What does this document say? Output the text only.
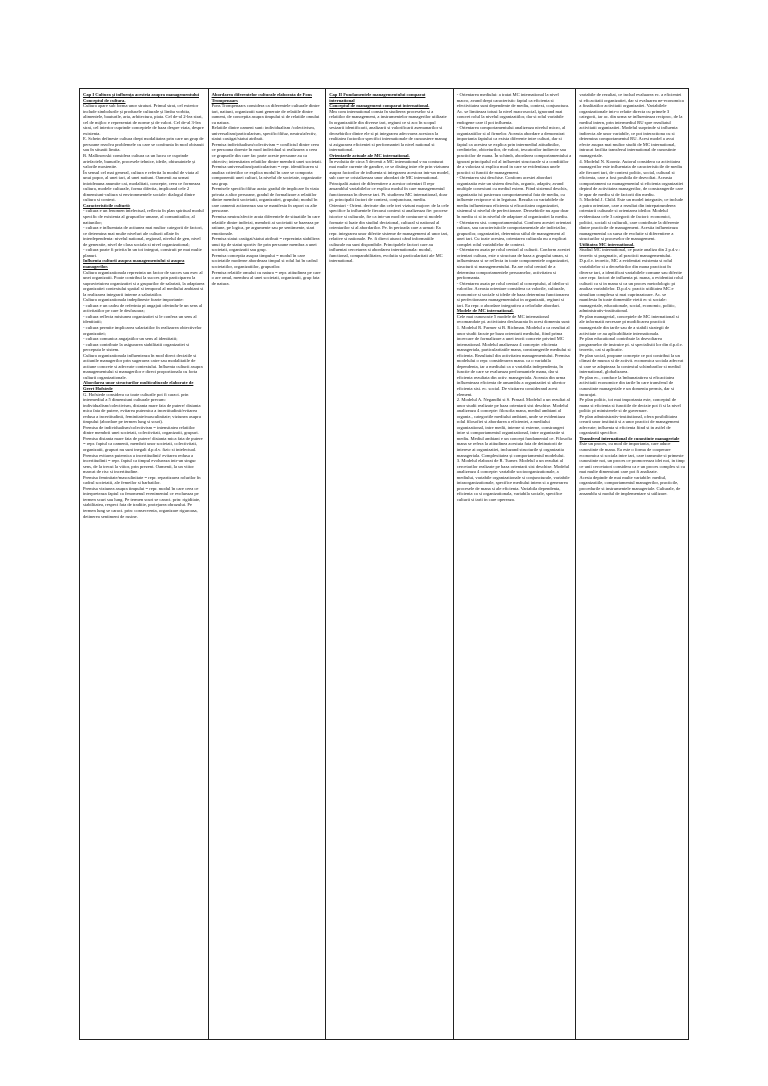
Cap I Cultura și influența acesteia asupra managementului

Conceptul de cultura.

Cultura apare sub forma unor straturi. Primul strat, cel exterior include simbolurile și produsele culturale și limba vorbita, alimentele, bauturile, arta, arhitectura, piata. Cel de-al 2-lea strat, cel de mijloc e reprezentat de norme și de valori. Cel de-al 3-lea strat, cel interior cuprinde conceptele de baza despre viata, despre existenta.

E. Schein defineste cultura drept modalitatea prin care un grup de persoane rezolva problemele cu care se confrunta în mod obisnuit sau în situatii limita.

B. Mallinowski considera cultura ca un lucru ce cuprinde artefactele, bunurile, procesele tehnice, ideile, obisnuintele și valorile mostenite.

În sensul cel mai general, cultura e referita la modul de viata al unui popor, al unei tari, al unei natiuni. Oamenii au urmat intotdeauna anumite cai, modalitati, concepte, ceea ce formeaza cultura, modele culturale, forma diferita, implicand cele 2 dimensiuni-cultura si environmentele sociale: dialogul dintre cultura si context.

Caracteristicile culturii:

- cultura e un fenomen intelectual, reflecta în plan spiritual modul specific de existenta al grupurilor umane, al comunitatilor, al natiunilor;

- cultura e influentata de actiunea mai multor categorii de factori, ce determina mai multe niveluri ale culturii aflate în interdependenta: nivelul national, regional, nivelul de gen, nivel de generatie, nivel de clasa sociala si nivel organizational;

- cultura poate fi privita în un tot integrat, construit pe mai multe planuri.

Influenta culturii asupra managementului si asupra managerilor.

Cultura organizationala reprezinta un factor de succes sau esec al unei organizatii. Poate contribui la succes prin participarea la supravietuirea organizatiei si a grupurilor de salariati, la adaptarea organizatiei contextului spatial si temporal al mediului ambiant si la realizarea integrarii interne a salariatilor.

Cultura organizationala indeplineste foarte importante:

- cultura e un cadru de referinta pt angajati oferindu-le un sens al activitatilor pe care le desfasoara;

- cultura reflecta misiunea organizatiei si le confera un sens al identitatii;

- cultura permite implicarea salariatilor în realizarea obiectivelor organizatiei;

- cultura comunica angajatilor un sens al identitatii;

- cultura contribuie la asigurarea stabilitatii organizatiei si perceputa le sistem.

Cultura organizationala influenteaza în mod direct deciziile si actiunile managerilor prin sugerarea catre sau modalitatile de actiune concrete si adecvate contextului. Influenta culturii asupra managementului si managerilor e direct proportionala cu forta culturii organizationale.

Abordarea unor structurilor multiculturale elaborate de Geert Hofstede

G. Hofstede considera ca toate culturile pot fi caract. prin intermediul a 5 dimensiuni culturale precum: individualism/colectivism, distanta mare fata de putere/ distanta mica fata de putere, evitarea puternica a incertitudinii/evitarea redusa a incertitudinii, feminitate/masculinitate; viziunea asupra timpului (abordare pe termen lung si scurt).

Premisa de individualism/colectivism = intensitatea relatiilor dintre membrii unei societati, colectivitati, organizatii, grupuri. Premisa distanta mare fata de putere/ distanta mica fata de putere = repr. faptul ca oamenii, membrii unor societati, colectivitati, organizatii, grupuri nu sunt inegali d.p.d.v. fizic si intelectual.

Premisa evitarea puternica a incertitudinii/ evitarea redusa a incertitudinii = repr. faptul ca timpul evolueaza intr-un singur sens, de la trecut la viitor, prin prezent. Oamenii, la un viitor marcat de risc si incertitudine.

Premisa feminitate/masculinitate = repr. repartizarea rolurilor în cadrul societatii, ale femeilor si barbatilor.

Premisa viziunea asupra timpului = repr. modul în care ceea ce interpreteaza faptul ca fenomenul evenimentul ce evolueaza pe termen scurt sau lung. Pe termen scurt se caract. prin: rigiditate, stabilitatea, respect fata de traditie, protejarea obrazului. Pe termen lung se caract. prin: consecventa, organizare riguroasa, detinerea sentiment de rusine.

Abordarea diferentelor culturale elaborata de Fons Trompenaars

Fons Trompenaars considera ca diferentele culturale dintre tari, natiuni, organizatii sunt generate de relatiile dintre oameni, de conceptia asupra timpului si de relatiile omului cu natura.

Relatiile dintre oameni sunt: individualism /colectivism, universalism/particularism, specific/difuz, neutru/afectiv, statut castigat/statut atribuit.

Premisa individualism/colectivism = conflictul dintre ceea ce persoana doreste în mod individual si realizarea a ceea ce grupurile din care fac parte aceste persoane au ca obiectiv; intensitatea relatiilor dintre membrii unei societati.

Premisa universalism/particularism = repr. identificarea si analiza criteriilor ce explica modul în care se comporta componentii unei culturi, la nivelul de societate, organizatie sau grup.

Premisele specific/difuz arata: gradul de implicare în viata privata a altor persoane, gradul de formalizare a relatiilor dintre membrii societatii, organizatiei, grupului; modul în care oamenii actioneaza sau se manifesta în raport cu alte persoane.

Premisa neutru/afectiv arata diferentele de situatiile în care relatiile dintre indivizi, membrii ai societatii se bazeaza pe ratiune, pe logica, pe argumente sau pe sentimente, stari emotionale.

Premisa statut castigat/statut atribuit = reprezinta stabilirea unui tip de statut sportiv fie prin persoane membra a unei societati, organizatii sau grup.

Premisa conceptia asupra timpului = modul în care societatile moderne abordeaza timpul si rolul lui în cadrul societatilor, organizatiilor, grupurilor.

Premisa relatiile omului cu natura = repr. atitudinea pe care o are omul, membru al unei societati, organizatii, grup fata de natura.

Cap II Fundamentele managementului comparat international

Conceptul de management comparat international.

Mm com international consta în studierea proceselor si a relatiilor de management, a instrumentelor managerilor utilizate în organizatiile din diverse tari, regiuni ce si zoc în scopul sesizarii identificarii, analizarii si valorificarii asemanarilor si deosebirilor dintre ele si pt integrarea adecvarea acestora la realitatea factorilor specifici internationale de cunoastere manag si asigurarea eficientei si performantei la nivel national si international.

Orientarile actuale ale MC international.

În evolutia de circa 5 decenii a MC international s-au conturat mai multe curente de gandire, ce se disting intre ele prin viziunea asupra factorilor de influenta si integrarea acestora intr-un model, sub care se cristalizeaza unor abordari de MC international.

Principalii autori de diferentiere a acestor orientari îl repr ansamblul variabilelor ce explica modul în care managementul functioneaza în diverse tari. Pt. studierea MC international, doar pt. principalii factori de context, conjunctura, mediu.

Orientari - Orient. derivate din cele trei viziuni majore: de la cele specifice la influentele fiecarui context si analizeaza fie: procese istorice si culturale, fie ca intr-un mod de conturare si modele formate si luate din studiul decizional, cultural si national al orientarilor si al abordarilor. Pe. în perioada care a urmat: Ea repr. integrarea unor diferite sisteme de management al unor tari, relative si nationale. Pe. fi direct atunci când informatiile culturale nu sunt disponibile. Principalele factori care au influentat cercetarea si abordarea internationala: modul, functional, comparabilitatea, evolutia si particularitati ale MC international.

- Orientarea mediului: a tratat MC international la nivel macro, avand drept caracteristic faptul ca eficienta si efectivitatea sunt dependente de mediu, context, conjunctura. Ac. se limiteaza totusi la nivel macrosocial, ignorand mai concret rolul la nivelul organizatiilor, dar si rolul variabile endogene care il pot influenta.

- Orientarea comportamentului analizeaza nivelul micro, al organizatiilor si al firmelor. Aceasta abordare a demonstrat importanta faptului ca exista diferente intre culturi, dar si faptul ca acestea se explica prin intermediul atitudinilor, credintelor, obiceiurilor, de valori, tescatorilor indirecte sau practicilor de mana. În schimb, abordarea comportamentului a ignorat principalul rol al influentei structurale si a conditiilor de a valoriza si explica mod in care se evidentiaza unele practici si functii de management.

- Orientarea sist deschise. Conform acestei abordari organizatia este un sistem deschis, organic, adaptiv, avand multiple conexiuni cu mediul extern. Fiind sistemul deschis, organizatia isi pastreaza comportamentul fata de mediu, cu influente reciproce si in legatura. Rezulta ca variabilele de mediu influenteaza eficienta si eficacitatea organizatiei, sistemul si nivelul de perfectionare. Deosebirile nu apar doar în mediu ci si in nivelul de adaptare al organizatiei la mediu.

- Orientarea sist. comportamentului. Conform acestei orientari cultura, sau caracteristicile comportamentale ale indivizilor, grupurilor, organizatiei, determina stilul de management al unei tari. Cu toate acestea, orientarea culturala nu a explicat complet rolul variabilelor de context.

- Orientarea axata pe rolul central al culturii. Conform acestei orientari cultura, este o structura de baza a grupului uman, si influenteaza si se reflecta in toate componentele organizatiei, structurii si managementului. Ea are rolul central de a determina comportamentele persoanelor, activitatea si performanta.

- Orientarea axata pe rolul central al conceptului, al ideilor si valorilor. Aceasta orientare considera ca valorile, culturale, economice si sociale si ideile de baza determina functionarea si perfectionarea managementului in organizatii, regiuni si tari. Ea repr. o abordare integrativa a celorlalte abordari.

Modele de MC international.

Cele mai cunoscute 5 modele de MC international recomandate pt. activitatea desfasurata în acest domeniu sunt:

1. Modelul R. Farmer si B. Richman. Modelul a ca rezultat al unor studii facute pe baza orientarii mediului, fiind prima incercare de formalizare a unei teorii concrete privind MC international. Modelul analizeaza 4 concepte: eficienta manageriala, particularitatile mana, constrangerile mediului si eficienta. Rezultatul din activitatea managementului. Premisa modelului o repr. considerarea mana. ca o variabila dependenta, iar a mediului ca o variabila independenta, în functie de care se evalueaza performantele mana, dar si eficienta rezultata din activ. manageriala. Aceasta din urma influenteaza eficienta de ansamblu a organizatiei si ulterior eficienta sist. ec. social. De vizitarea considerand acest element.

2. Modelul A. Negandhi si S. Prasad. Modelul a un rezultat al unor studii realizate pe baza orientarii sist deschise. Modelul analizeaza 4 concepte: filosofia mana, mediul ambiant al organiz., categoriile mediului ambiant, unde se evidentiaza rolul filosofiei si abordarea a eficientei, a mediului organizational, intre medii, interne si externe, constrangeri intre si comportamentul organizational, intre organizatie si mediu. Mediul ambiant e un concept fundamental ce. Filosofia mana se refera la atitudinea acestuia fata de detinatorii de interese ai organizatiei, incluzand structurile și organizatia manageriala. Complexitatea și comportamentul modelului.

3. Modelul elaborat de R. Turner. Modelul a un rezultat al cercetarilor realizate pe baza orientarii sist deschise. Modelul analizeaza 4 concepte: variabile socioorganizationale, a mediului, variabile organizationale si conjuncturale, variabile intraorganizationale, specifice mediului intern si a generarea procesele de mana si ale eficienta. Variabila dependenta, eficienta ca si organizationala, variabila sociale, specifice culturii si tarii in care opereaza.

variabile de rezultat, ce includ evaluarea ec. a eficientei si eficacitatii organizatiei, dar si evaluarea ne-economica a finalitatilor activitatii organizatiei. Variabilele organizationale intr-o relatie directa cu primele 3 categorii, iar ac. din urma se influenteaza reciproc, de la mediul intern, prin intermediul RU spre rezultatul activitatii organizatiei. Modelul surprinde si influenta indirecta ale unor variabile, ce pot interactiona cu si determina comportamentul RU. Acest model a avut efecte asupra mai multor studii de MC international, intrucat facilita transferul international de cunostinte manageriale.

4. Modelul N. Koontz. Autorul considera ca activitatea managerilor este influentata de caracteristicile de mediu ale fiecarei tari, de context politic, social, cultural si eficienta, care a fost posibila de dezvoltat. Aceasta comportament ca managementul si eficienta organizatiei depind de activitatea managerilor, de constrangerile care le apar de mediu si de factorii din mediu.

5. Modelul J. Child. Este un model integrativ, ce include a patra orientare, care a rezultat din intrepatrunderea orientarii culturale si orientarea ideilor. Modelul evidentiaza cele 3 categorii de factori: economici, politici, sociali si culturali, care contribuie la diferente dintre practicile de management. Acestia influenteaza managementul ca sursa de evolutie si diferentiere a structurilor si proceselor de management.

Utilitatea MC international.

Studiul MC international, ce poate analiza din 2 p.d.v.: teoretic si pragmatic, al practicii managementului. D.p.d.v. teoretic, MC a evidentiat existenta si rolul variabilelor si a deosebirilor din mana practicat în diverse tari, a identificat variabilele comune sau diferite care repr. factori de influenta pt. mana, a evidentiat rolul culturii ca si in mana si ca un proces metodologic pt analiza variabilelor. D.p.d.v. practic utilitatea MC e simultan complexa si mai cuprinzatoare. Ac. se manifesta în toate domeniile vietii ec si sociale: manageriale, educationale, social, economic, politic, administrativ-institutional.

Pe plan managerial, conceptele de MC international si ale informatii necesare pt modificarea practicii manageriale din tarile sau de a stabili strategii de activitate ce au aplicabilitate internationala.

Pe plan educational contribuie la dezvoltarea programelor de instruire pt. si specialistii lor din d.p.d.v. teoretic, cat si aplicativ.

Pe plan social, propune concepte ce pot contribui la un climat de munca si de activit. economica sociala adecvat si care se adapteaza la contextul schimbarilor si mediul international, globalizarea.

Pe plan ec., conduce la îmbunatatirea si eficacitatea activitatii economice din tarile în care transferul de cunostinte manageriale e un domeniu permis, dar si incurajat.

Pe plan politic, tot mai importanta este, conceptul de mana si eficienta si functiile de decizie pot fi si la nivel politic pt ministerele si de guvernare.

Pe plan administrativ-institutional, ofera posibilitatea crearii unor institutii si a unor practici de management adecvate; influenta si eficienta fiind si in astfel de organizatii specifice.

Transferul international de cunostinte manageriale

Este un proces, cu mod de importanta, care aduce cunostinte de mana. Ea este o forma de cooperare economica si sociala intre tari, care transmite si primeste cunostinte noi, un proces ce promoveaza idei noi, in timp ce unii cercetatori considera ca e un proces complex si cu mai multe dimensiuni care pot fi analizate.

Acesta depinde de mai multe variabile: mediul, organizatiile, comportamentul managerilor, practicile, procedurile si instrumentele manageriale. Culturale, de ansamblu si modul de implementare si utilizare.
